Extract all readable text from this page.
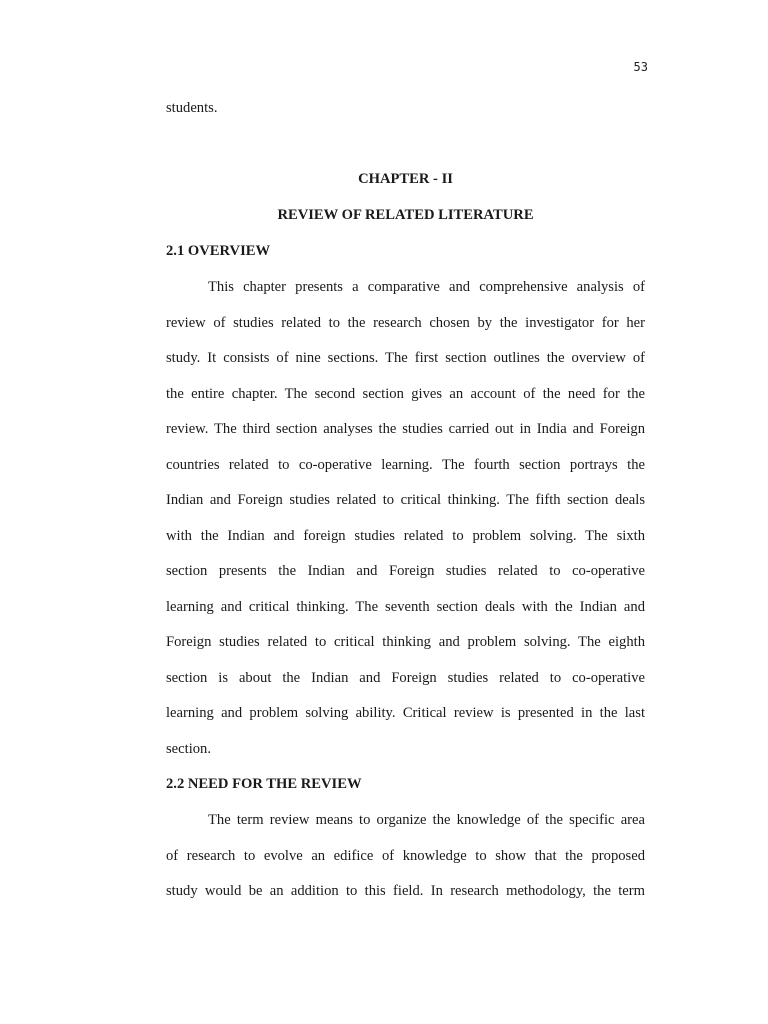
53
students.
CHAPTER - II
REVIEW OF RELATED LITERATURE
2.1 OVERVIEW
This chapter presents a comparative and comprehensive analysis of
review of studies related to the research chosen by the investigator for her
study. It consists of nine sections. The first section outlines the overview of
the entire chapter. The second section gives an account of the need for the
review. The third section analyses the studies carried out in India and Foreign
countries related to co-operative learning. The fourth section portrays the
Indian and Foreign studies related to critical thinking. The fifth section deals
with the Indian and foreign studies related to problem solving. The sixth
section presents the Indian and Foreign studies related to co-operative
learning and critical thinking. The seventh section deals with the Indian and
Foreign studies related to critical thinking and problem solving. The eighth
section is about the Indian and Foreign studies related to co-operative
learning and problem solving ability. Critical review is presented in the last
section.
2.2 NEED FOR THE REVIEW
The term review means to organize the knowledge of the specific area
of research to evolve an edifice of knowledge to show that the proposed
study would be an addition to this field. In research methodology, the term
